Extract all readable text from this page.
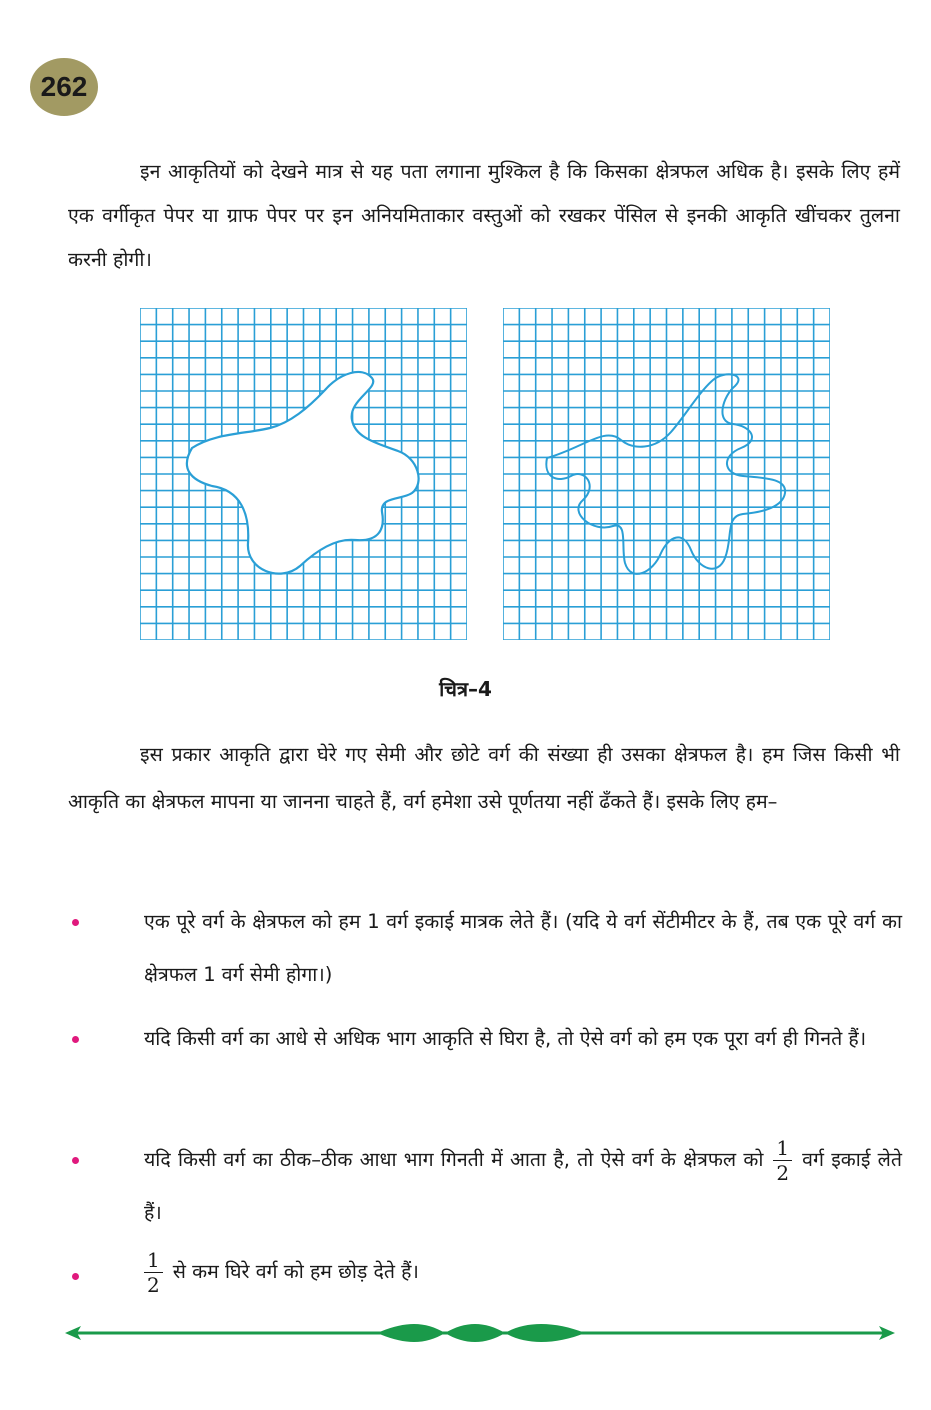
262

इन आकृतियों को देखने मात्र से यह पता लगाना मुश्किल है कि किसका क्षेत्रफल अधिक है। इसके लिए हमें एक वर्गीकृत पेपर या ग्राफ पेपर पर इन अनियमिताकार वस्तुओं को रखकर पेंसिल से इनकी आकृति खींचकर तुलना करनी होगी।

चित्र–4

इस प्रकार आकृति द्वारा घेरे गए सेमी और छोटे वर्ग की संख्या ही उसका क्षेत्रफल है। हम जिस किसी भी आकृति का क्षेत्रफल मापना या जानना चाहते हैं, वर्ग हमेशा उसे पूर्णतया नहीं ढँकते हैं। इसके लिए हम–

एक पूरे वर्ग के क्षेत्रफल को हम 1 वर्ग इकाई मात्रक लेते हैं। (यदि ये वर्ग सेंटीमीटर के हैं, तब एक पूरे वर्ग का क्षेत्रफल 1 वर्ग सेमी होगा।)
यदि किसी वर्ग का आधे से अधिक भाग आकृति से घिरा है, तो ऐसे वर्ग को हम एक पूरा वर्ग ही गिनते हैं।
यदि किसी वर्ग का ठीक–ठीक आधा भाग गिनती में आता है, तो ऐसे वर्ग के क्षेत्रफल को $\frac{1}{2}$ वर्ग इकाई लेते हैं।
$\frac{1}{2}$ से कम घिरे वर्ग को हम छोड़ देते हैं।
